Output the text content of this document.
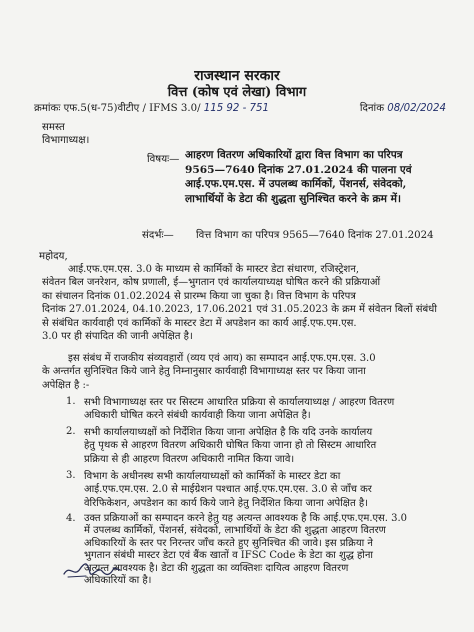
राजस्थान सरकार
वित्त (कोष एवं लेखा) विभाग
क्रमांकः एफ.5(ध-75)वीटीए / IFMS 3.0/ 115 92 - 751	दिनांक 08/02/2024
समस्त
विभागाध्यक्ष।
विषयः— आहरण वितरण अधिकारियों द्वारा वित्त विभाग का परिपत्र
9565—7640 दिनांक 27.01.2024 की पालना एवं
आई.एफ.एम.एस. में उपलब्ध कार्मिकों, पेंशनर्स, संवेदको,
लाभार्थियों के डेटा की शुद्धता सुनिश्चित करने के क्रम में।
संदर्भः— वित्त विभाग का परिपत्र 9565—7640 दिनांक 27.01.2024
महोदय,
आई.एफ.एम.एस. 3.0 के माध्यम से कार्मिकों के मास्टर डेटा संधारण, रजिस्ट्रेशन,
संवेतन बिल जनरेशन, कोष प्रणाली, ई—भुगतान एवं कार्यालयाध्यक्ष घोषित करने की प्रक्रियाओं
का संचालन दिनांक 01.02.2024 से प्रारम्भ किया जा चुका है। वित्त विभाग के परिपत्र
दिनांक 27.01.2024, 04.10.2023, 17.06.2021 एवं 31.05.2023 के क्रम में संवेतन बिलों संबंधी
से संबंधित कार्यवाही एवं कार्मिकों के मास्टर डेटा में अपडेशन का कार्य आई.एफ.एम.एस.
3.0 पर ही संपादित की जानी अपेक्षित है।
इस संबंध में राजकीय संव्यवहारों (व्यय एवं आय) का सम्पादन आई.एफ.एम.एस. 3.0
के अन्तर्गत सुनिश्चित किये जाने हेतु निम्नानुसार कार्यवाही विभागाध्यक्ष स्तर पर किया जाना
अपेक्षित है :-
1. सभी विभागाध्यक्ष स्तर पर सिस्टम आधारित प्रक्रिया से कार्यालयाध्यक्ष / आहरण वितरण
अधिकारी घोषित करने संबंधी कार्यवाही किया जाना अपेक्षित है।
2. सभी कार्यालयाध्यक्षों को निर्देशित किया जाना अपेक्षित है कि यदि उनके कार्यालय
हेतु पृथक से आहरण वितरण अधिकारी घोषित किया जाना हो तो सिस्टम आधारित
प्रक्रिया से ही आहरण वितरण अधिकारी नामित किया जावे।
3. विभाग के अधीनस्थ सभी कार्यालयाध्यक्षों को कार्मिकों के मास्टर डेटा का
आई.एफ.एम.एस. 2.0 से माईग्रेशन पश्चात आई.एफ.एम.एस. 3.0 से जाँच कर
वेरिफिकेशन, अपडेशन का कार्य किये जाने हेतु निर्देशित किया जाना अपेक्षित है।
4. उक्त प्रक्रियाओं का सम्पादन करने हेतु यह अत्यन्त आवश्यक है कि आई.एफ.एम.एस. 3.0
में उपलब्ध कार्मिकों, पेंशनर्स, संवेदको, लाभार्थियों के डेटा की शुद्धता आहरण वितरण
अधिकारियों के स्तर पर निरन्तर जाँच करते हुए सुनिश्चित की जावे। इस प्रक्रिया ने
भुगतान संबंधी मास्टर डेटा एवं बैंक खातों व IFSC Code के डेटा का शुद्ध होना
अत्यन्त आवश्यक है। डेटा की शुद्धता का व्यक्तिशः दायित्व आहरण वितरण
अधिकारियों का है।
